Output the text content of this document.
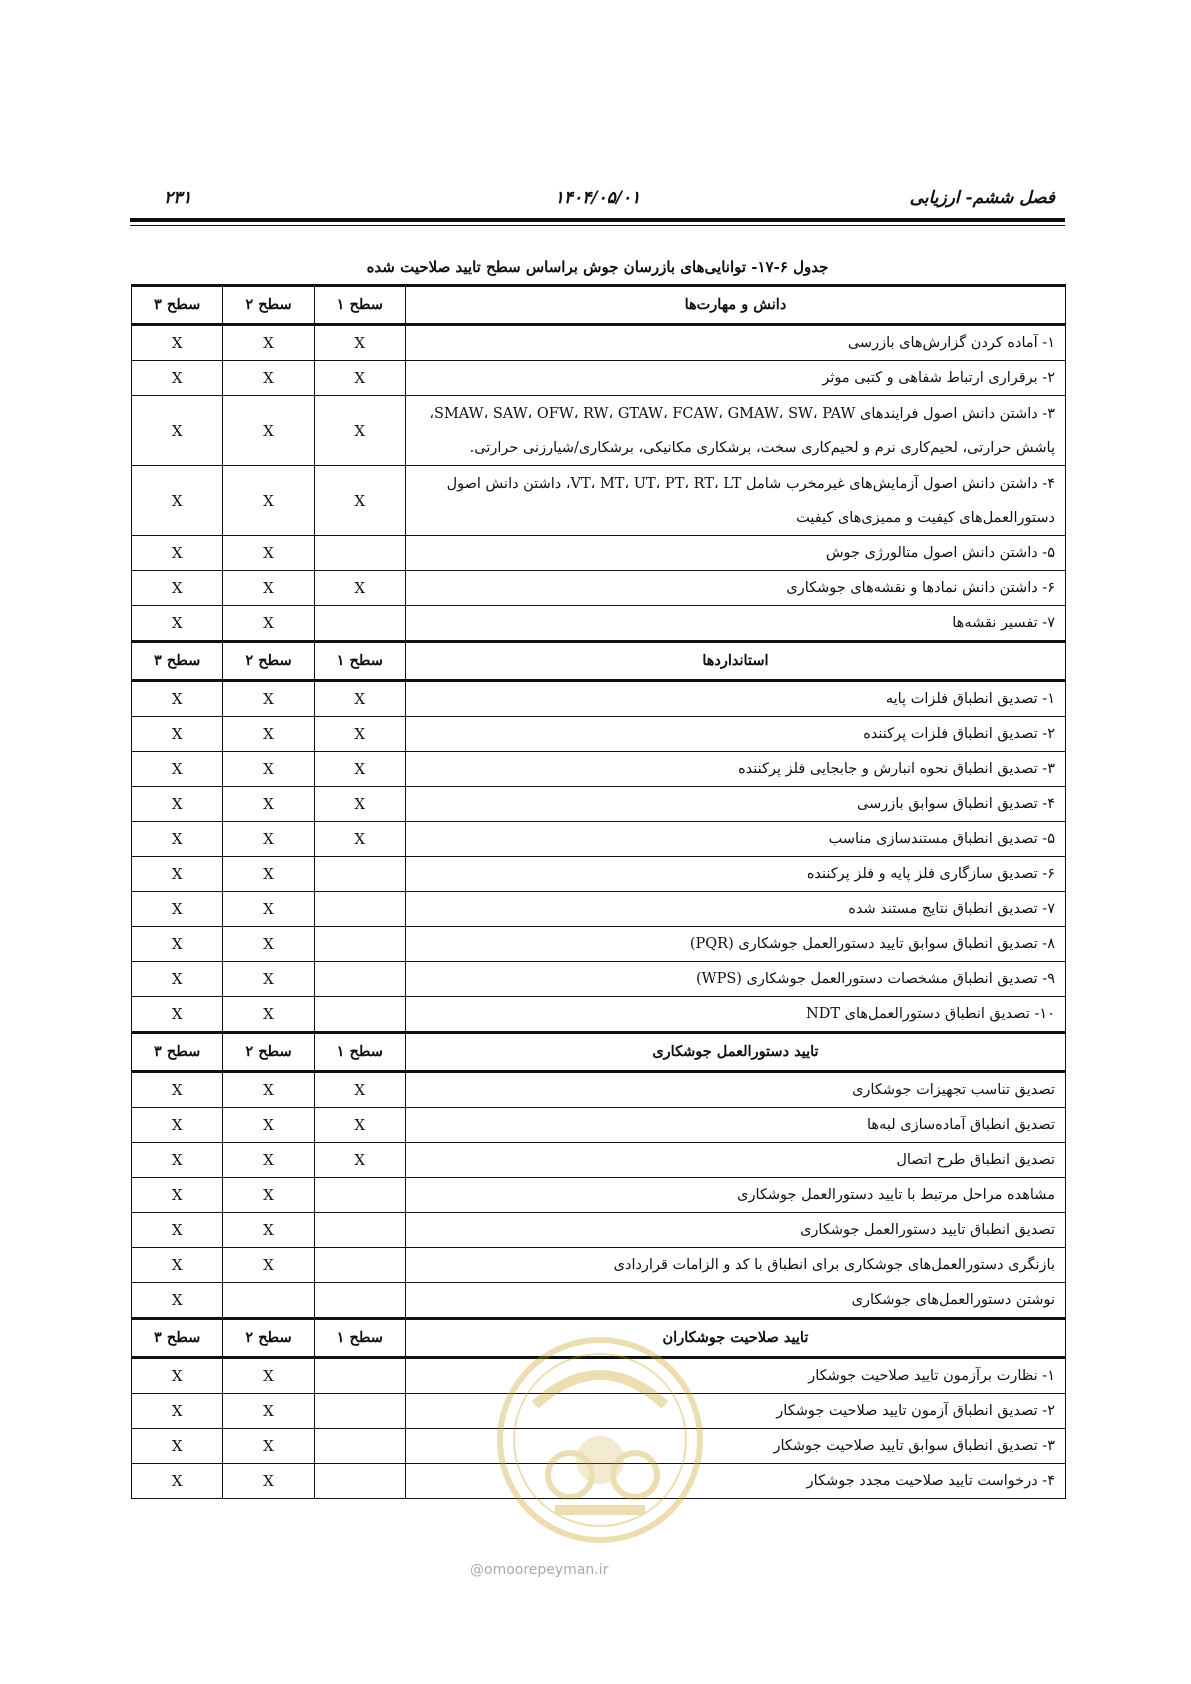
فصل ششم- ارزیابی
۱۴۰۴/۰۵/۰۱
۲۳۱
جدول ۶-۱۷- توانایی‌های بازرسان جوش براساس سطح تایید صلاحیت شده
دانش و مهارت‌ها	سطح ۱	سطح ۲	سطح ۳
۱- آماده کردن گزارش‌های بازرسی	X	X	X
۲- برقراری ارتباط شفاهی و کتبی موثر	X	X	X
۳- داشتن دانش اصول فرایندهای SMAW، SAW، OFW، RW، GTAW، FCAW، GMAW، SW، PAW، پاشش حرارتی، لحیم‌کاری نرم و لحیم‌کاری سخت، برشکاری مکانیکی، برشکاری/شیارزنی حرارتی.	X	X	X
۴- داشتن دانش اصول آزمایش‌های غیرمخرب شامل VT، MT، UT، PT، RT، LT، داشتن دانش اصول دستورالعمل‌های کیفیت و ممیزی‌های کیفیت	X	X	X
۵- داشتن دانش اصول متالورژی جوش		X	X
۶- داشتن دانش نمادها و نقشه‌های جوشکاری	X	X	X
۷- تفسیر نقشه‌ها		X	X
استانداردها	سطح ۱	سطح ۲	سطح ۳
۱- تصدیق انطباق فلزات پایه	X	X	X
۲- تصدیق انطباق فلزات پرکننده	X	X	X
۳- تصدیق انطباق نحوه انبارش و جابجایی فلز پرکننده	X	X	X
۴- تصدیق انطباق سوابق بازرسی	X	X	X
۵- تصدیق انطباق مستندسازی مناسب	X	X	X
۶- تصدیق سازگاری فلز پایه و فلز پرکننده		X	X
۷- تصدیق انطباق نتایج مستند شده		X	X
۸- تصدیق انطباق سوابق تایید دستورالعمل جوشکاری (PQR)		X	X
۹- تصدیق انطباق مشخصات دستورالعمل جوشکاری (WPS)		X	X
۱۰- تصدیق انطباق دستورالعمل‌های NDT		X	X
تایید دستورالعمل جوشکاری	سطح ۱	سطح ۲	سطح ۳
تصدیق تناسب تجهیزات جوشکاری	X	X	X
تصدیق انطباق آماده‌سازی لبه‌ها	X	X	X
تصدیق انطباق طرح اتصال	X	X	X
مشاهده مراحل مرتبط با تایید دستورالعمل جوشکاری		X	X
تصدیق انطباق تایید دستورالعمل جوشکاری		X	X
بازنگری دستورالعمل‌های جوشکاری برای انطباق با کد و الزامات قراردادی		X	X
نوشتن دستورالعمل‌های جوشکاری			X
تایید صلاحیت جوشکاران	سطح ۱	سطح ۲	سطح ۳
۱- نظارت برآزمون تایید صلاحیت جوشکار		X	X
۲- تصدیق انطباق آزمون تایید صلاحیت جوشکار		X	X
۳- تصدیق انطباق سوابق تایید صلاحیت جوشکار		X	X
۴- درخواست تایید صلاحیت مجدد جوشکار		X	X
@omoorepeyman.ir
